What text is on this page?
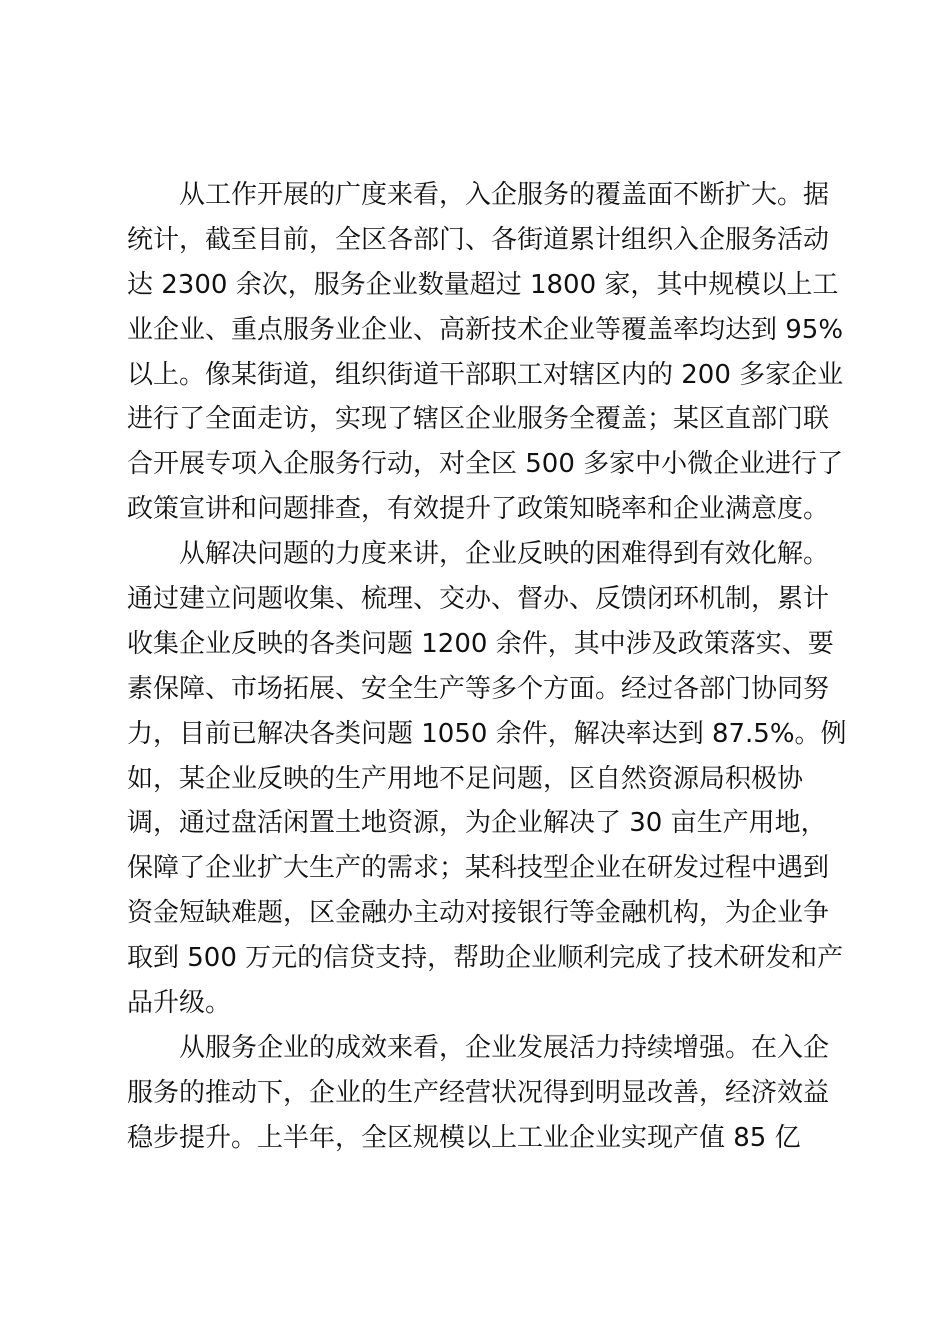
从工作开展的广度来看，入企服务的覆盖面不断扩大。据
统计，截至目前，全区各部门、各街道累计组织入企服务活动
达 2300 余次，服务企业数量超过 1800 家，其中规模以上工
业企业、重点服务业企业、高新技术企业等覆盖率均达到 95%
以上。像某街道，组织街道干部职工对辖区内的 200 多家企业
进行了全面走访，实现了辖区企业服务全覆盖；某区直部门联
合开展专项入企服务行动，对全区 500 多家中小微企业进行了
政策宣讲和问题排查，有效提升了政策知晓率和企业满意度。
从解决问题的力度来讲，企业反映的困难得到有效化解。
通过建立问题收集、梳理、交办、督办、反馈闭环机制，累计
收集企业反映的各类问题 1200 余件，其中涉及政策落实、要
素保障、市场拓展、安全生产等多个方面。经过各部门协同努
力，目前已解决各类问题 1050 余件，解决率达到 87.5%。例
如，某企业反映的生产用地不足问题，区自然资源局积极协
调，通过盘活闲置土地资源，为企业解决了 30 亩生产用地，
保障了企业扩大生产的需求；某科技型企业在研发过程中遇到
资金短缺难题，区金融办主动对接银行等金融机构，为企业争
取到 500 万元的信贷支持，帮助企业顺利完成了技术研发和产
品升级。
从服务企业的成效来看，企业发展活力持续增强。在入企
服务的推动下，企业的生产经营状况得到明显改善，经济效益
稳步提升。上半年，全区规模以上工业企业实现产值 85 亿
